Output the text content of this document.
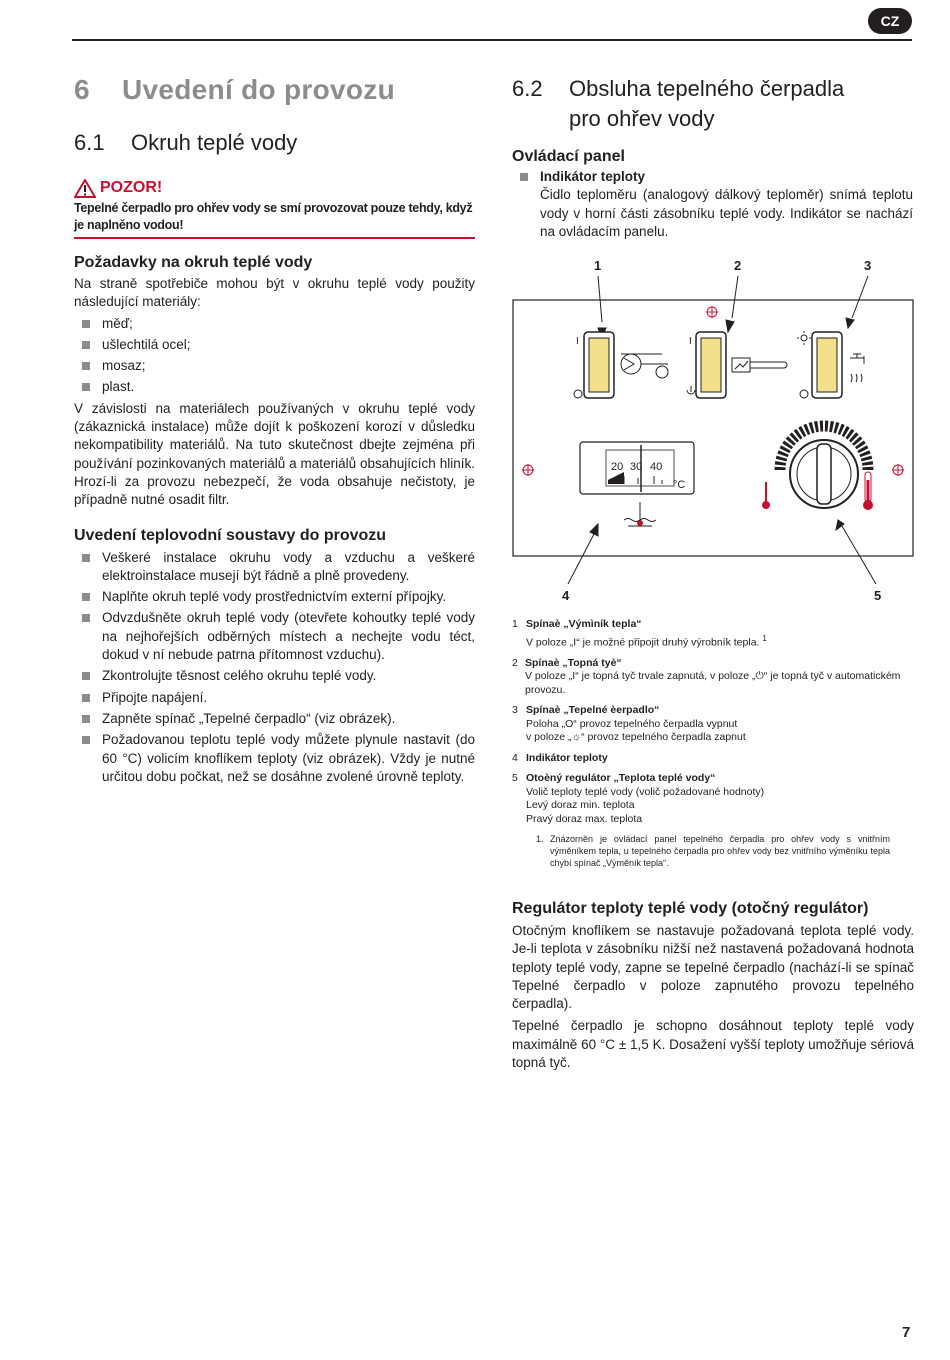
CZ
6 Uvedení do provozu
6.1 Okruh teplé vody
POZOR!
Tepelné čerpadlo pro ohřev vody se smí provozovat pouze tehdy, když je naplněno vodou!
Požadavky na okruh teplé vody

Na straně spotřebiče mohou být v okruhu teplé vody použity následující materiály:

měď;
ušlechtilá ocel;
mosaz;
plast.

V závislosti na materiálech používaných v okruhu teplé vody (zákaznická instalace) může dojít k poškození korozí v důsledku nekompatibility materiálů. Na tuto skutečnost dbejte zejména při používání pozinkovaných materiálů a materiálů obsahujících hliník. Hrozí-li za provozu nebezpečí, že voda obsahuje nečistoty, je případně nutné osadit filtr.

Uvedení teplovodní soustavy do provozu
Veškeré instalace okruhu vody a vzduchu a veškeré elektroinstalace musejí být řádně a plně provedeny.
Naplňte okruh teplé vody prostřednictvím externí přípojky.
Odvzdušněte okruh teplé vody (otevřete kohoutky teplé vody na nejhořejších odběrných místech a nechejte vodu téct, dokud v ní nebude patrna přítomnost vzduchu).
Zkontrolujte těsnost celého okruhu teplé vody.
Připojte napájení.
Zapněte spínač „Tepelné čerpadlo“ (viz obrázek).
Požadovanou teplotu teplé vody můžete plynule nastavit (do 60 °C) volicím knoflíkem teploty (viz obrázek). Vždy je nutné určitou dobu počkat, než se dosáhne zvolené úrovně teploty.
6.2 Obsluha tepelného čerpadla
pro ohřev vody
Ovládací panel
Indikátor teploty
Čidlo teploměru (analogový dálkový teploměr) snímá teplotu vody v horní části zásobníku teplé vody. Indikátor se nachází na ovládacím panelu.
1	2	3
4	5
I	I
20 30 40
°C
1 Spínaè „Výmìník tepla“
V poloze „I“ je možné připojit druhý výrobník tepla. $^1$
2 Spínaè „Topná tyè“
V poloze „I“ je topná tyč trvale zapnutá, v poloze „⏻“ je topná tyč v automatickém provozu.
3 Spínaè „Tepelné èerpadlo“
Poloha „O“ provoz tepelného čerpadla vypnut
v poloze „☼“ provoz tepelného čerpadla zapnut
4 Indikátor teploty
5 Otoèný regulátor „Teplota teplé vody“
Volič teploty teplé vody (volič požadované hodnoty)
Levý doraz min. teplota
Pravý doraz max. teplota
1. Znázorněn je ovládací panel tepelného čerpadla pro ohřev vody s vnitřním výměníkem tepla, u tepelného čerpadla pro ohřev vody bez vnitřního výměníku tepla chybí spínač „Výměník tepla“.
Regulátor teploty teplé vody (otočný regulátor)

Otočným knoflíkem se nastavuje požadovaná teplota teplé vody. Je-li teplota v zásobníku nižší než nastavená požadovaná hodnota teploty teplé vody, zapne se tepelné čerpadlo (nachází-li se spínač Tepelné čerpadlo v poloze zapnutého provozu tepelného čerpadla).

Tepelné čerpadlo je schopno dosáhnout teploty teplé vody maximálně 60 °C ± 1,5 K. Dosažení vyšší teploty umožňuje sériová topná tyč.

7
